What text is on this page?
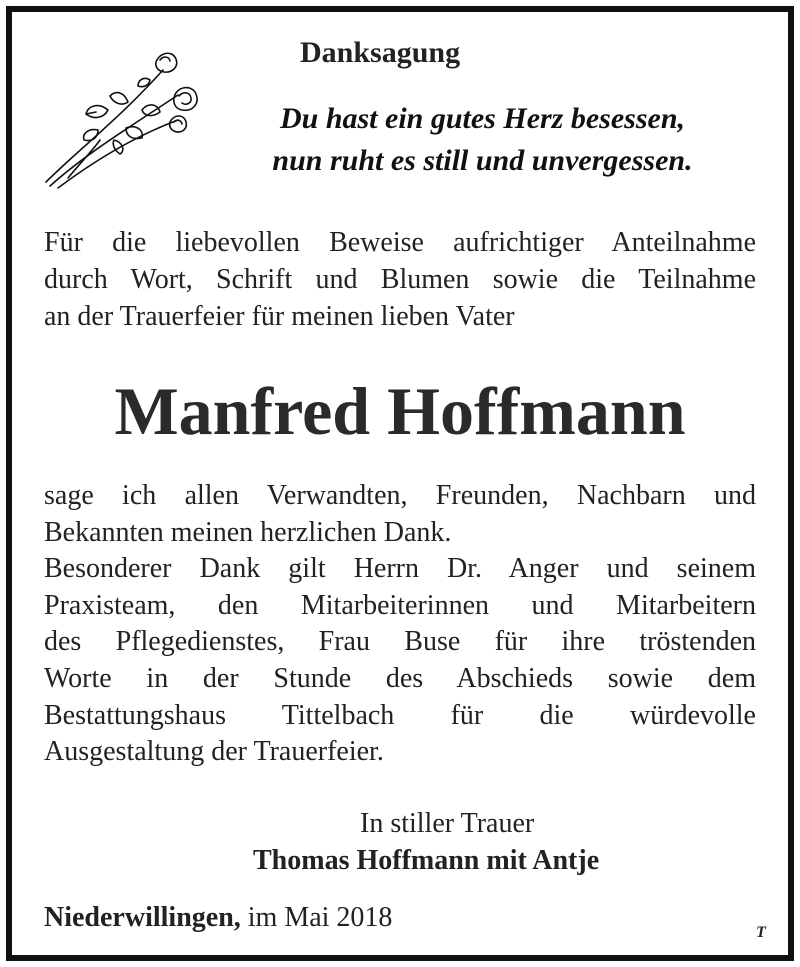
Danksagung
Du hast ein gutes Herz besessen,
nun ruht es still und unvergessen.
Für die liebevollen Beweise aufrichtiger Anteilnahme
durch Wort, Schrift und Blumen sowie die Teilnahme
an der Trauerfeier für meinen lieben Vater
Manfred Hoffmann
sage ich allen Verwandten, Freunden, Nachbarn und
Bekannten meinen herzlichen Dank.
Besonderer Dank gilt Herrn Dr. Anger und seinem
Praxisteam, den Mitarbeiterinnen und Mitarbeitern
des Pflegedienstes, Frau Buse für ihre tröstenden
Worte in der Stunde des Abschieds sowie dem
Bestattungshaus Tittelbach für die würdevolle
Ausgestaltung der Trauerfeier.
In stiller Trauer
Thomas Hoffmann mit Antje
Niederwillingen, im Mai 2018	T
